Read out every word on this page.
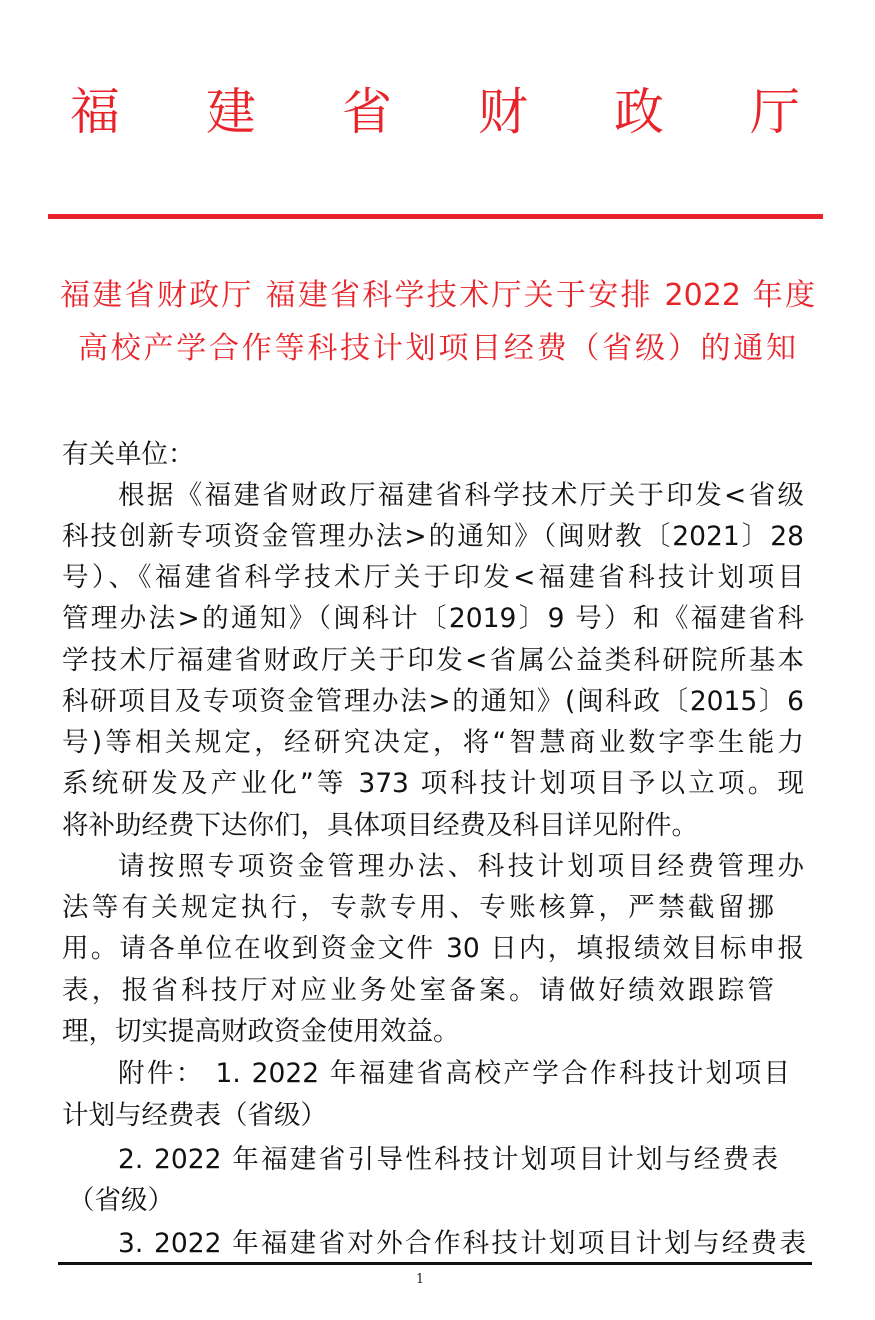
福 建 省 财 政 厅
福建省财政厅 福建省科学技术厅关于安排 2022 年度
高校产学合作等科技计划项目经费（省级）的通知
有关单位：
根据《福建省财政厅福建省科学技术厅关于印发<省级
科技创新专项资金管理办法>的通知》（闽财教〔2021〕28
号）、《福建省科学技术厅关于印发<福建省科技计划项目
管理办法>的通知》（闽科计〔2019〕9 号）和《福建省科
学技术厅福建省财政厅关于印发<省属公益类科研院所基本
科研项目及专项资金管理办法>的通知》(闽科政〔2015〕6
号)等相关规定，经研究决定，将“智慧商业数字孪生能力
系统研发及产业化”等 373 项科技计划项目予以立项。现
将补助经费下达你们，具体项目经费及科目详见附件。
请按照专项资金管理办法、科技计划项目经费管理办
法等有关规定执行，专款专用、专账核算，严禁截留挪
用。请各单位在收到资金文件 30 日内，填报绩效目标申报
表，报省科技厅对应业务处室备案。请做好绩效跟踪管
理，切实提高财政资金使用效益。
附件： 1. 2022 年福建省高校产学合作科技计划项目
计划与经费表（省级）
2. 2022 年福建省引导性科技计划项目计划与经费表
（省级）
3. 2022 年福建省对外合作科技计划项目计划与经费表
1
